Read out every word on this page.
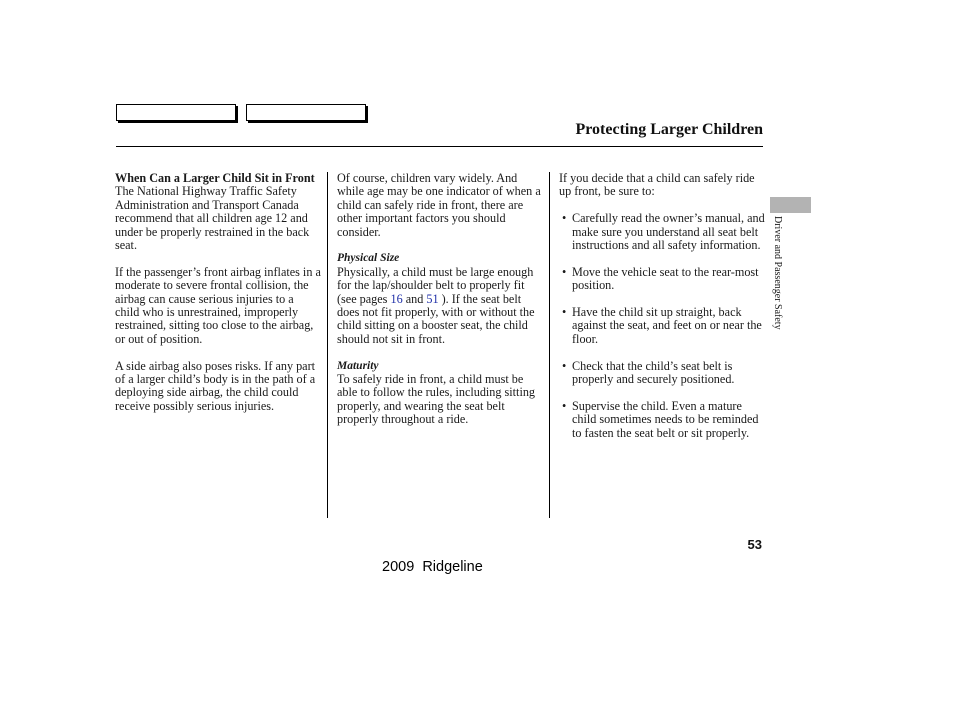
Protecting Larger Children

When Can a Larger Child Sit in Front

The National Highway Traffic Safety Administration and Transport Canada recommend that all children age 12 and under be properly restrained in the back seat.

If the passenger’s front airbag inflates in a moderate to severe frontal collision, the airbag can cause serious injuries to a child who is unrestrained, improperly restrained, sitting too close to the airbag, or out of position.

A side airbag also poses risks. If any part of a larger child’s body is in the path of a deploying side airbag, the child could receive possibly serious injuries.

Of course, children vary widely. And while age may be one indicator of when a child can safely ride in front, there are other important factors you should consider.

Physical Size

Physically, a child must be large enough for the lap/shoulder belt to properly fit (see pages 16 and 51 ). If the seat belt does not fit properly, with or without the child sitting on a booster seat, the child should not sit in front.

Maturity

To safely ride in front, a child must be able to follow the rules, including sitting properly, and wearing the seat belt properly throughout a ride.

If you decide that a child can safely ride up front, be sure to:

• Carefully read the owner’s manual, and make sure you understand all seat belt instructions and all safety information.
• Move the vehicle seat to the rear-most position.
• Have the child sit up straight, back against the seat, and feet on or near the floor.
• Check that the child’s seat belt is properly and securely positioned.
• Supervise the child. Even a mature child sometimes needs to be reminded to fasten the seat belt or sit properly.
Driver and Passenger Safety
53
2009  Ridgeline
